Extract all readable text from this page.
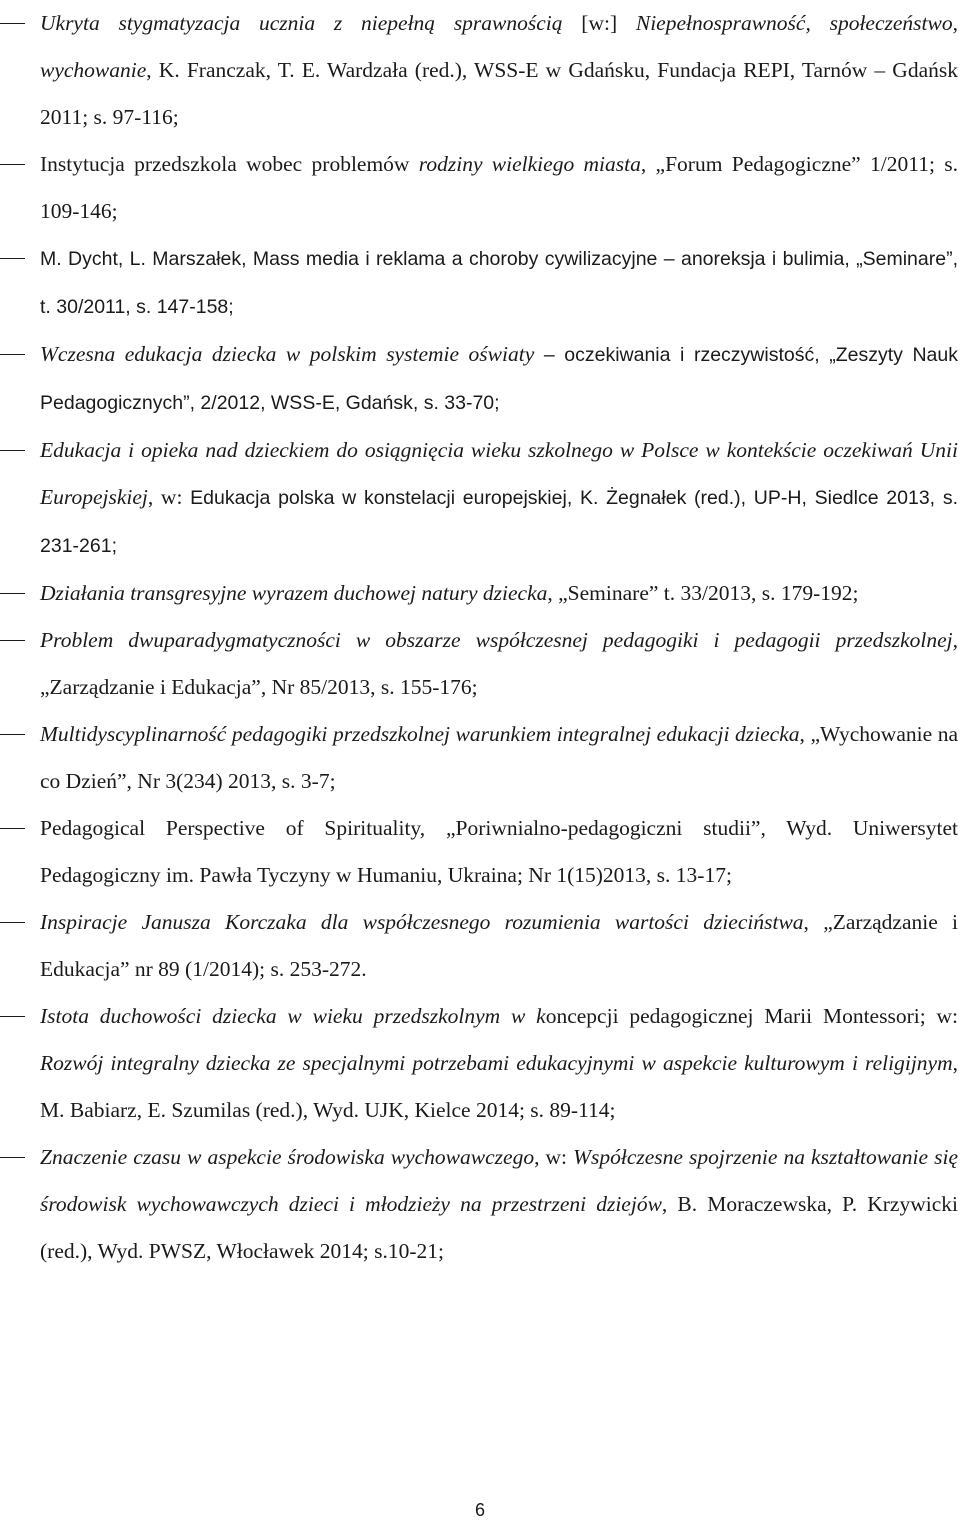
Ukryta stygmatyzacja ucznia z niepełną sprawnością [w:] Niepełnosprawność, społeczeństwo, wychowanie, K. Franczak, T. E. Wardzała (red.), WSS-E w Gdańsku, Fundacja REPI, Tarnów – Gdańsk 2011; s. 97-116;
Instytucja przedszkola wobec problemów rodziny wielkiego miasta, „Forum Pedagogiczne” 1/2011; s. 109-146;
M. Dycht, L. Marszałek, Mass media i reklama a choroby cywilizacyjne – anoreksja i bulimia, „Seminare”, t. 30/2011, s. 147-158;
Wczesna edukacja dziecka w polskim systemie oświaty – oczekiwania i rzeczywistość, „Zeszyty Nauk Pedagogicznych”, 2/2012, WSS-E, Gdańsk, s. 33-70;
Edukacja i opieka nad dzieckiem do osiągnięcia wieku szkolnego w Polsce w kontekście oczekiwań Unii Europejskiej, w: Edukacja polska w konstelacji europejskiej, K. Żegnałek (red.), UP-H, Siedlce 2013, s. 231-261;
Działania transgresyjne wyrazem duchowej natury dziecka, „Seminare” t. 33/2013, s. 179-192;
Problem dwuparadygmatyczności w obszarze współczesnej pedagogiki i pedagogii przedszkolnej, „Zarządzanie i Edukacja”, Nr 85/2013, s. 155-176;
Multidyscyplinarność pedagogiki przedszkolnej warunkiem integralnej edukacji dziecka, „Wychowanie na co Dzień”, Nr 3(234) 2013, s. 3-7;
Pedagogical Perspective of Spirituality, „Poriwnialno-pedagogiczni studii”, Wyd. Uniwersytet Pedagogiczny im. Pawła Tyczyny w Humaniu, Ukraina; Nr 1(15)2013, s. 13-17;
Inspiracje Janusza Korczaka dla współczesnego rozumienia wartości dzieciństwa, „Zarządzanie i Edukacja” nr 89 (1/2014); s. 253-272.
Istota duchowości dziecka w wieku przedszkolnym w koncepcji pedagogicznej Marii Montessori; w: Rozwój integralny dziecka ze specjalnymi potrzebami edukacyjnymi w aspekcie kulturowym i religijnym, M. Babiarz, E. Szumilas (red.), Wyd. UJK, Kielce 2014; s. 89-114;
Znaczenie czasu w aspekcie środowiska wychowawczego, w: Współczesne spojrzenie na kształtowanie się środowisk wychowawczych dzieci i młodzieży na przestrzeni dziejów, B. Moraczewska, P. Krzywicki (red.), Wyd. PWSZ, Włocławek 2014; s.10-21;
6
